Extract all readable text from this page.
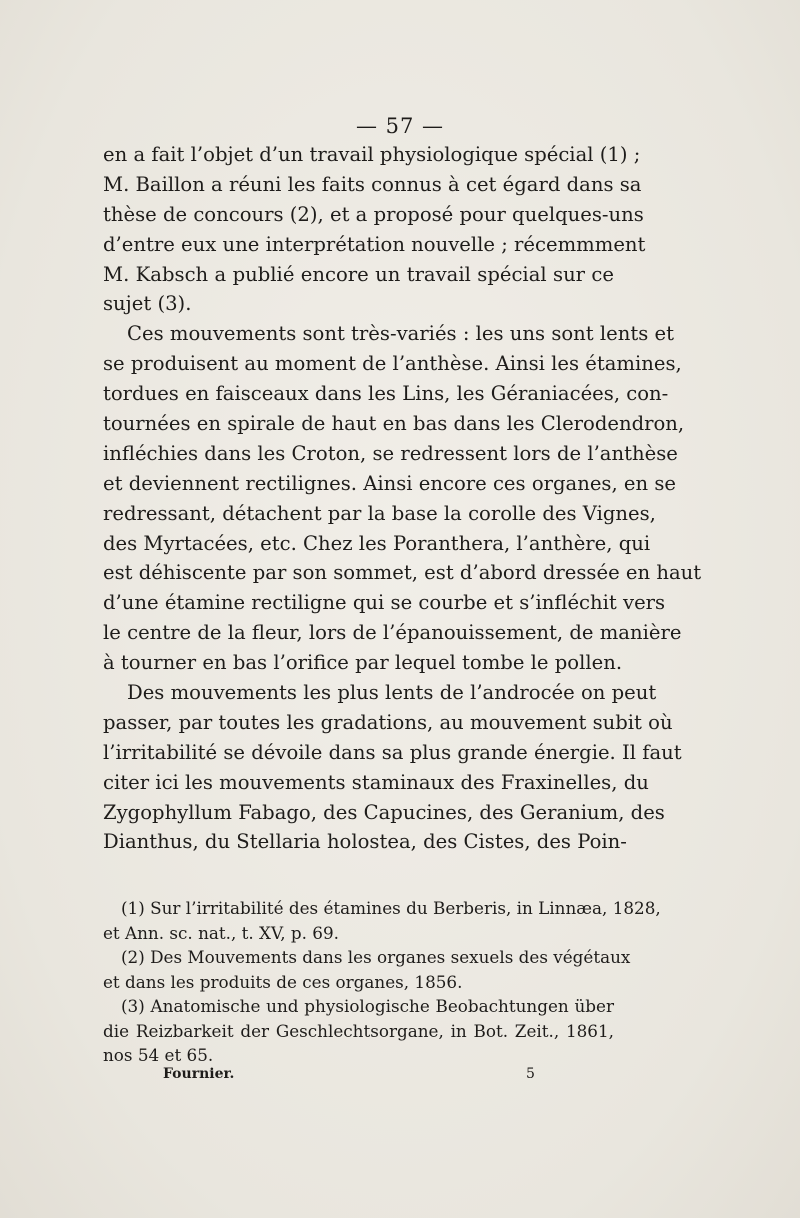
— 57 —
en a fait l’objet d’un travail physiologique spécial (1) ;
M. Baillon a réuni les faits connus à cet égard dans sa
thèse de concours (2), et a proposé pour quelques-uns
d’entre eux une interprétation nouvelle ; récemmment
M. Kabsch a publié encore un travail spécial sur ce
sujet (3).
Ces mouvements sont très-variés : les uns sont lents et
se produisent au moment de l’anthèse. Ainsi les étamines,
tordues en faisceaux dans les Lins, les Géraniacées, con-
tournées en spirale de haut en bas dans les Clerodendron,
infléchies dans les Croton, se redressent lors de l’anthèse
et deviennent rectilignes. Ainsi encore ces organes, en se
redressant, détachent par la base la corolle des Vignes,
des Myrtacées, etc. Chez les Poranthera, l’anthère, qui
est déhiscente par son sommet, est d’abord dressée en haut
d’une étamine rectiligne qui se courbe et s’infléchit vers
le centre de la fleur, lors de l’épanouissement, de manière
à tourner en bas l’orifice par lequel tombe le pollen.
Des mouvements les plus lents de l’androcée on peut
passer, par toutes les gradations, au mouvement subit où
l’irritabilité se dévoile dans sa plus grande énergie. Il faut
citer ici les mouvements staminaux des Fraxinelles, du
Zygophyllum Fabago, des Capucines, des Geranium, des
Dianthus, du Stellaria holostea, des Cistes, des Poin-
(1) Sur l’irritabilité des étamines du Berberis, in Linnæa, 1828,
et Ann. sc. nat., t. XV, p. 69.
(2) Des Mouvements dans les organes sexuels des végétaux
et dans les produits de ces organes, 1856.
(3) Anatomische und physiologische Beobachtungen über
die Reizbarkeit der Geschlechtsorgane, in Bot. Zeit., 1861,
nos 54 et 65.
Fournier.	5
